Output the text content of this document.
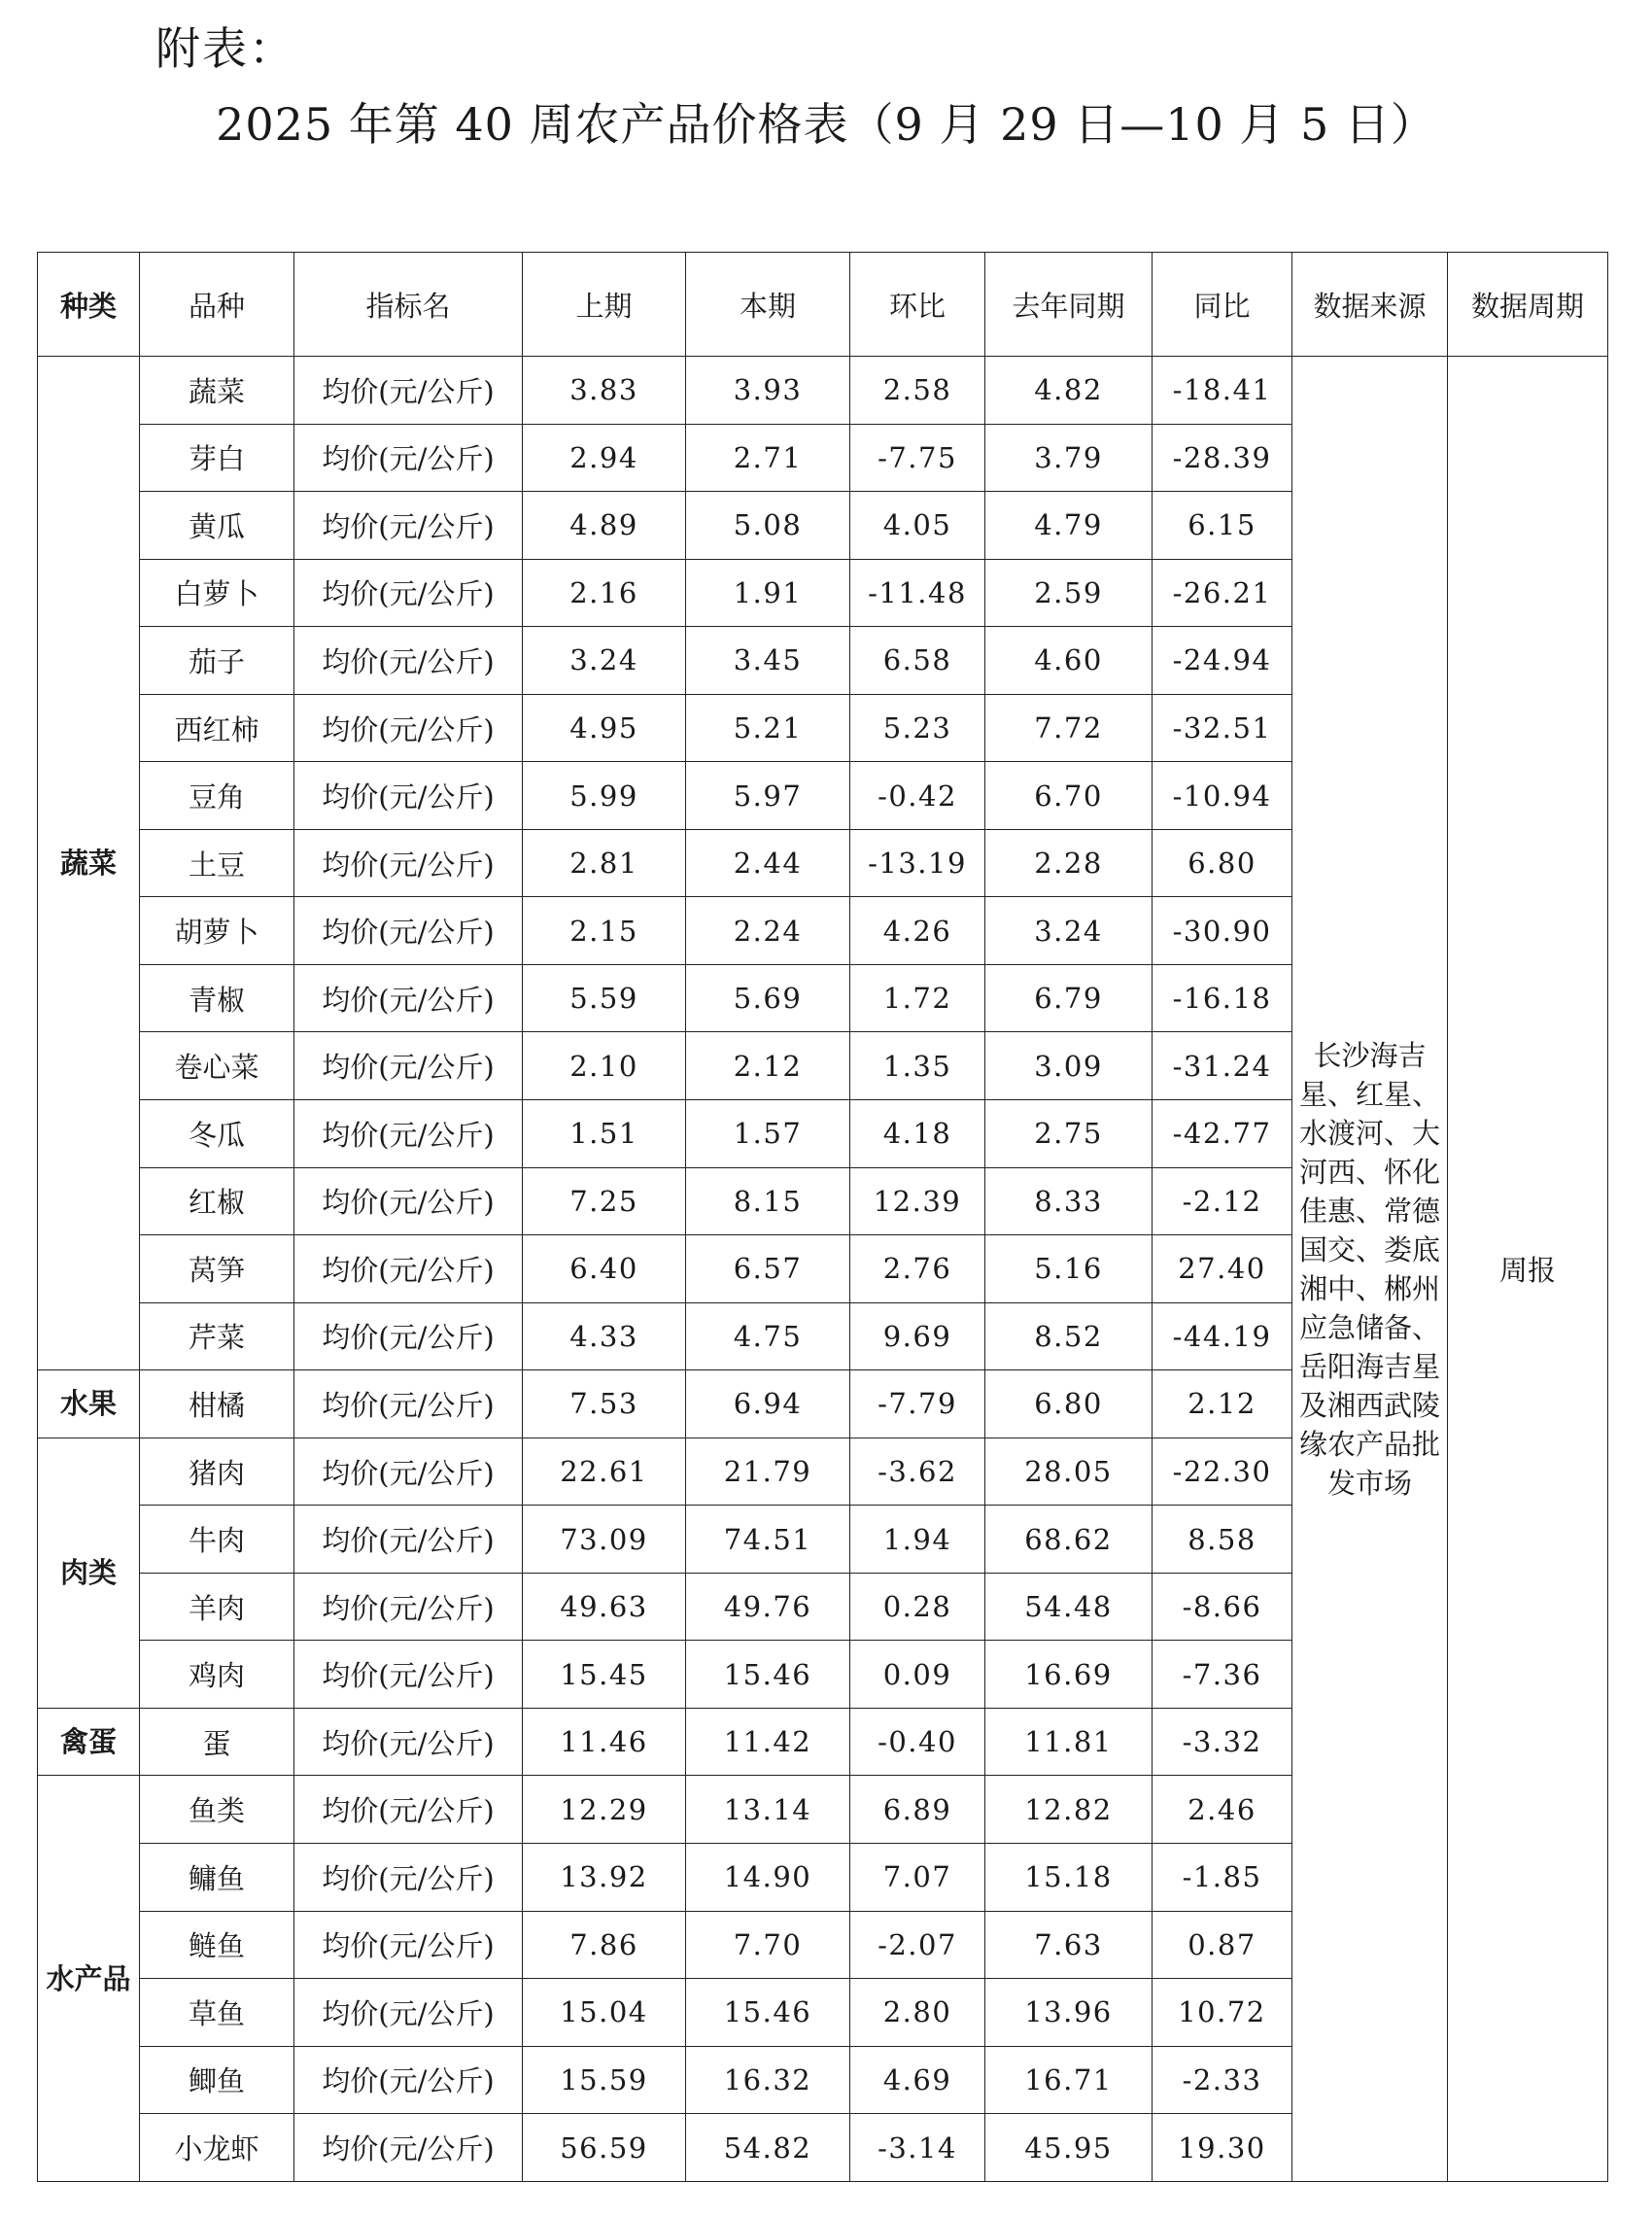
附表：
2025 年第 40 周农产品价格表（9 月 29 日—10 月 5 日）
种类	品种	指标名	上期	本期	环比	去年同期	同比	数据来源	数据周期
蔬菜	蔬菜	均价(元/公斤)	3.83	3.93	2.58	4.82	-18.41	长沙海吉星、红星、水渡河、大河西、怀化佳惠、常德国交、娄底湘中、郴州应急储备、岳阳海吉星及湘西武陵缘农产品批发市场	周报
	芽白	均价(元/公斤)	2.94	2.71	-7.75	3.79	-28.39		
	黄瓜	均价(元/公斤)	4.89	5.08	4.05	4.79	6.15		
	白萝卜	均价(元/公斤)	2.16	1.91	-11.48	2.59	-26.21		
	茄子	均价(元/公斤)	3.24	3.45	6.58	4.60	-24.94		
	西红柿	均价(元/公斤)	4.95	5.21	5.23	7.72	-32.51		
	豆角	均价(元/公斤)	5.99	5.97	-0.42	6.70	-10.94		
	土豆	均价(元/公斤)	2.81	2.44	-13.19	2.28	6.80		
	胡萝卜	均价(元/公斤)	2.15	2.24	4.26	3.24	-30.90		
	青椒	均价(元/公斤)	5.59	5.69	1.72	6.79	-16.18		
	卷心菜	均价(元/公斤)	2.10	2.12	1.35	3.09	-31.24		
	冬瓜	均价(元/公斤)	1.51	1.57	4.18	2.75	-42.77		
	红椒	均价(元/公斤)	7.25	8.15	12.39	8.33	-2.12		
	莴笋	均价(元/公斤)	6.40	6.57	2.76	5.16	27.40		
	芹菜	均价(元/公斤)	4.33	4.75	9.69	8.52	-44.19		
水果	柑橘	均价(元/公斤)	7.53	6.94	-7.79	6.80	2.12		
肉类	猪肉	均价(元/公斤)	22.61	21.79	-3.62	28.05	-22.30		
	牛肉	均价(元/公斤)	73.09	74.51	1.94	68.62	8.58		
	羊肉	均价(元/公斤)	49.63	49.76	0.28	54.48	-8.66		
	鸡肉	均价(元/公斤)	15.45	15.46	0.09	16.69	-7.36		
禽蛋	蛋	均价(元/公斤)	11.46	11.42	-0.40	11.81	-3.32		
水产品	鱼类	均价(元/公斤)	12.29	13.14	6.89	12.82	2.46		
	鳙鱼	均价(元/公斤)	13.92	14.90	7.07	15.18	-1.85		
	鲢鱼	均价(元/公斤)	7.86	7.70	-2.07	7.63	0.87		
	草鱼	均价(元/公斤)	15.04	15.46	2.80	13.96	10.72		
	鲫鱼	均价(元/公斤)	15.59	16.32	4.69	16.71	-2.33		
	小龙虾	均价(元/公斤)	56.59	54.82	-3.14	45.95	19.30		
